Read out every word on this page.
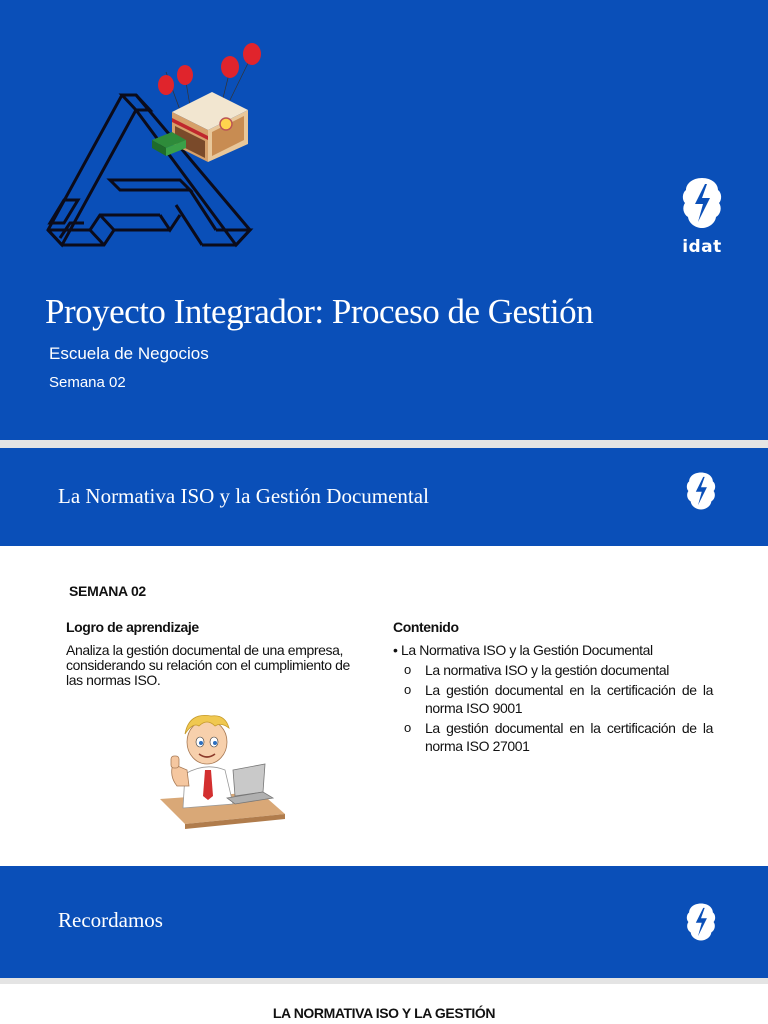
idat
Proyecto Integrador: Proceso de Gestión
Escuela de Negocios
Semana 02
La Normativa ISO y la Gestión Documental
SEMANA 02
Logro de aprendizaje
Analiza la gestión documental de una empresa, considerando su relación con el cumplimiento de las normas ISO.
Contenido
• La Normativa ISO y la Gestión Documental
o La normativa ISO y la gestión documental
o La gestión documental en la certificación de la norma ISO 9001
o La gestión documental en la certificación de la norma ISO 27001
Recordamos
LA NORMATIVA ISO Y LA GESTIÓN
